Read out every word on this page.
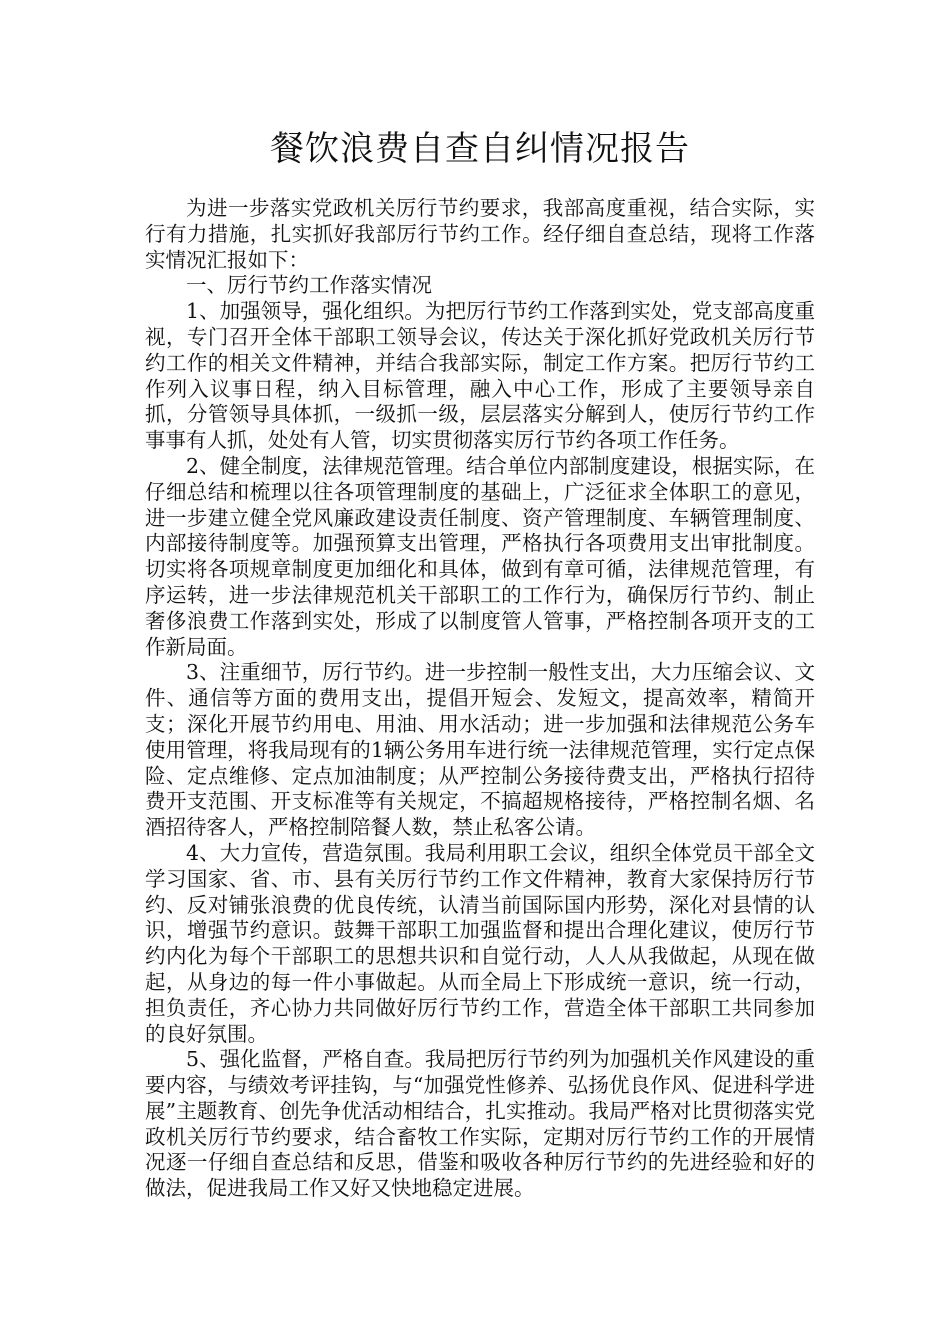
餐饮浪费自查自纠情况报告

为进一步落实党政机关厉行节约要求，我部高度重视，结合实际，实行有力措施，扎实抓好我部厉行节约工作。经仔细自查总结，现将工作落实情况汇报如下：

一、厉行节约工作落实情况

1、加强领导，强化组织。为把厉行节约工作落到实处，党支部高度重视，专门召开全体干部职工领导会议，传达关于深化抓好党政机关厉行节约工作的相关文件精神，并结合我部实际，制定工作方案。把厉行节约工作列入议事日程，纳入目标管理，融入中心工作，形成了主要领导亲自抓，分管领导具体抓，一级抓一级，层层落实分解到人，使厉行节约工作事事有人抓，处处有人管，切实贯彻落实厉行节约各项工作任务。

2、健全制度，法律规范管理。结合单位内部制度建设，根据实际，在仔细总结和梳理以往各项管理制度的基础上，广泛征求全体职工的意见，进一步建立健全党风廉政建设责任制度、资产管理制度、车辆管理制度、内部接待制度等。加强预算支出管理，严格执行各项费用支出审批制度。切实将各项规章制度更加细化和具体，做到有章可循，法律规范管理，有序运转，进一步法律规范机关干部职工的工作行为，确保厉行节约、制止奢侈浪费工作落到实处，形成了以制度管人管事，严格控制各项开支的工作新局面。

3、注重细节，厉行节约。进一步控制一般性支出，大力压缩会议、文件、通信等方面的费用支出，提倡开短会、发短文，提高效率，精简开支；深化开展节约用电、用油、用水活动；进一步加强和法律规范公务车使用管理，将我局现有的1辆公务用车进行统一法律规范管理，实行定点保险、定点维修、定点加油制度；从严控制公务接待费支出，严格执行招待费开支范围、开支标准等有关规定，不搞超规格接待，严格控制名烟、名酒招待客人，严格控制陪餐人数，禁止私客公请。

4、大力宣传，营造氛围。我局利用职工会议，组织全体党员干部全文学习国家、省、市、县有关厉行节约工作文件精神，教育大家保持厉行节约、反对铺张浪费的优良传统，认清当前国际国内形势，深化对县情的认识，增强节约意识。鼓舞干部职工加强监督和提出合理化建议，使厉行节约内化为每个干部职工的思想共识和自觉行动，人人从我做起，从现在做起，从身边的每一件小事做起。从而全局上下形成统一意识，统一行动，担负责任，齐心协力共同做好厉行节约工作，营造全体干部职工共同参加的良好氛围。

5、强化监督，严格自查。我局把厉行节约列为加强机关作风建设的重要内容，与绩效考评挂钩，与“加强党性修养、弘扬优良作风、促进科学进展”主题教育、创先争优活动相结合，扎实推动。我局严格对比贯彻落实党政机关厉行节约要求，结合畜牧工作实际，定期对厉行节约工作的开展情况逐一仔细自查总结和反思，借鉴和吸收各种厉行节约的先进经验和好的做法，促进我局工作又好又快地稳定进展。
